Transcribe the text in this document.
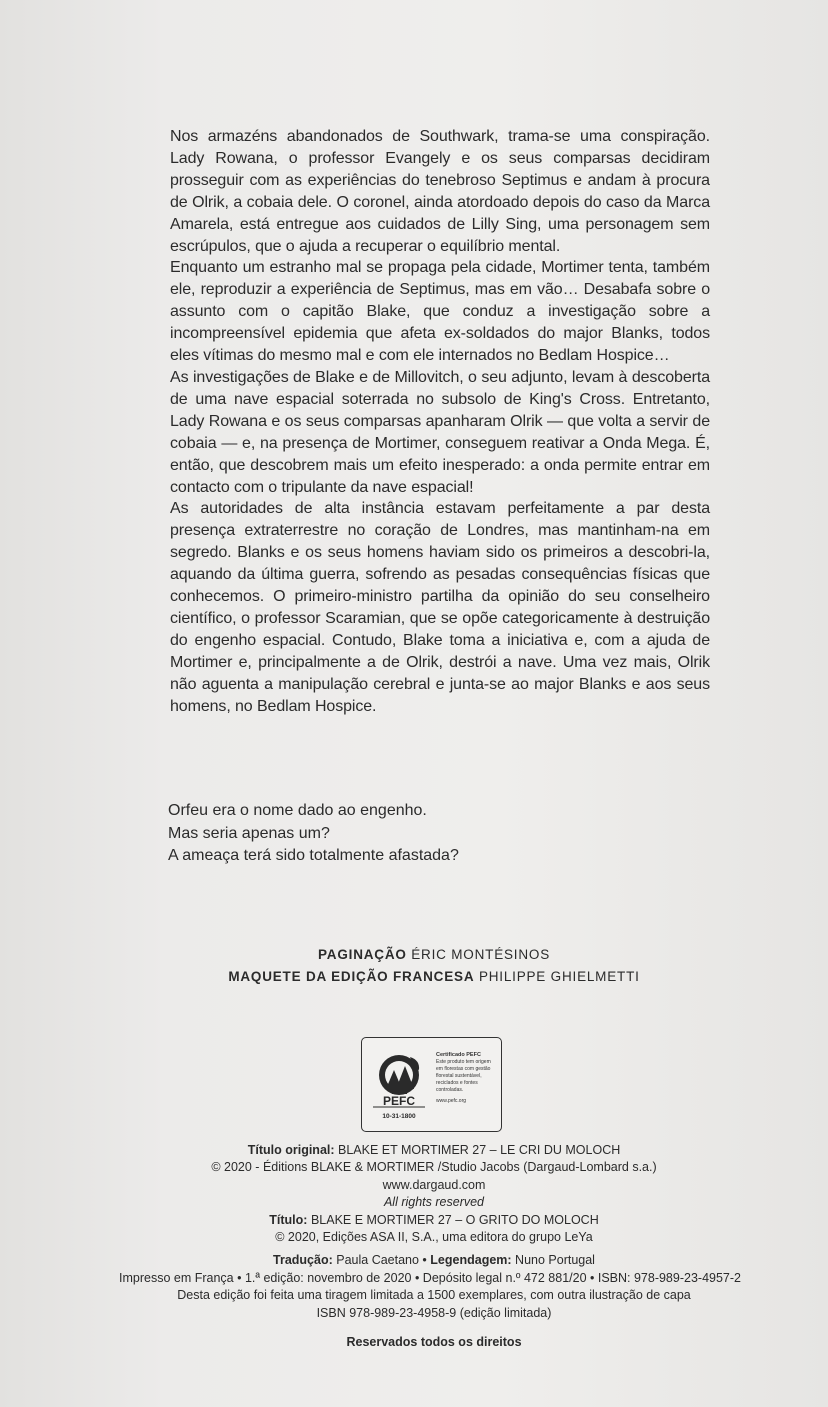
Nos armazéns abandonados de Southwark, trama-se uma conspiração. Lady Rowana, o professor Evangely e os seus comparsas decidiram prosseguir com as experiências do tenebroso Septimus e andam à procura de Olrik, a cobaia dele. O coronel, ainda atordoado depois do caso da Marca Amarela, está entregue aos cuidados de Lilly Sing, uma personagem sem escrúpulos, que o ajuda a recuperar o equilíbrio mental.

Enquanto um estranho mal se propaga pela cidade, Mortimer tenta, também ele, reproduzir a experiência de Septimus, mas em vão… Desabafa sobre o assunto com o capitão Blake, que conduz a investigação sobre a incompreensível epidemia que afeta ex-soldados do major Blanks, todos eles vítimas do mesmo mal e com ele internados no Bedlam Hospice…

As investigações de Blake e de Millovitch, o seu adjunto, levam à descoberta de uma nave espacial soterrada no subsolo de King's Cross. Entretanto, Lady Rowana e os seus comparsas apanharam Olrik — que volta a servir de cobaia — e, na presença de Mortimer, conseguem reativar a Onda Mega. É, então, que descobrem mais um efeito inesperado: a onda permite entrar em contacto com o tripulante da nave espacial!

As autoridades de alta instância estavam perfeitamente a par desta presença extraterrestre no coração de Londres, mas mantinham-na em segredo. Blanks e os seus homens haviam sido os primeiros a descobri-la, aquando da última guerra, sofrendo as pesadas consequências físicas que conhecemos. O primeiro-ministro partilha da opinião do seu conselheiro científico, o professor Scaramian, que se opõe categoricamente à destruição do engenho espacial. Contudo, Blake toma a iniciativa e, com a ajuda de Mortimer e, principalmente a de Olrik, destrói a nave. Uma vez mais, Olrik não aguenta a manipulação cerebral e junta-se ao major Blanks e aos seus homens, no Bedlam Hospice.

Orfeu era o nome dado ao engenho.

Mas seria apenas um?

A ameaça terá sido totalmente afastada?

PAGINAÇÃO ÉRIC MONTÉSINOS
MAQUETE DA EDIÇÃO FRANCESA PHILIPPE GHIELMETTI
PEFC
10-31-1800
Certificado PEFC
Este produto tem origem em florestas com gestão florestal sustentável, reciclados e fontes controladas.
www.pefc.org

Título original: BLAKE ET MORTIMER 27 – LE CRI DU MOLOCH

© 2020 - Éditions BLAKE & MORTIMER /Studio Jacobs (Dargaud-Lombard s.a.)

www.dargaud.com

All rights reserved

Título: BLAKE E MORTIMER 27 – O GRITO DO MOLOCH

© 2020, Edições ASA II, S.A., uma editora do grupo LeYa

Tradução: Paula Caetano • Legendagem: Nuno Portugal

Impresso em França • 1.ª edição: novembro de 2020 • Depósito legal n.º 472 881/20 • ISBN: 978-989-23-4957-2

Desta edição foi feita uma tiragem limitada a 1500 exemplares, com outra ilustração de capa

ISBN 978-989-23-4958-9 (edição limitada)

Reservados todos os direitos
